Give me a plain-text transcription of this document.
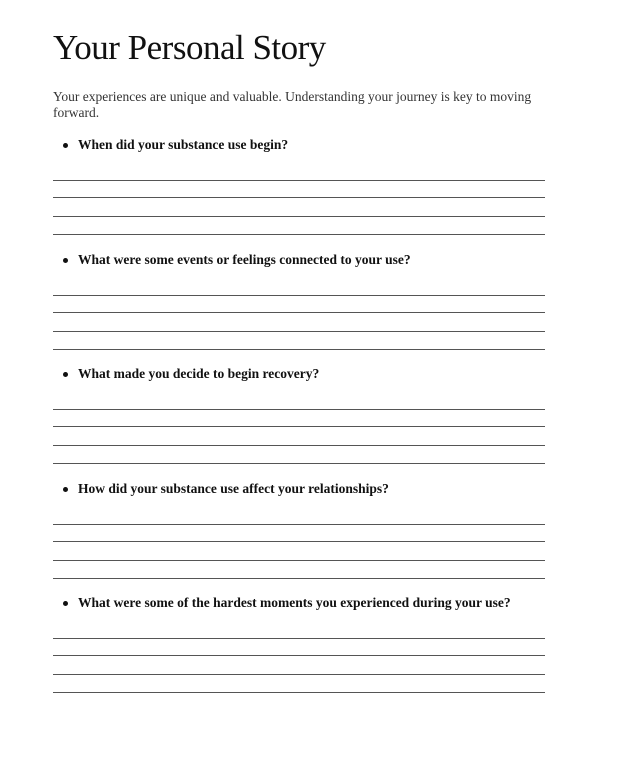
Your Personal Story

Your experiences are unique and valuable. Understanding your journey is key to moving forward.

When did your substance use begin?
What were some events or feelings connected to your use?
What made you decide to begin recovery?
How did your substance use affect your relationships?
What were some of the hardest moments you experienced during your use?
